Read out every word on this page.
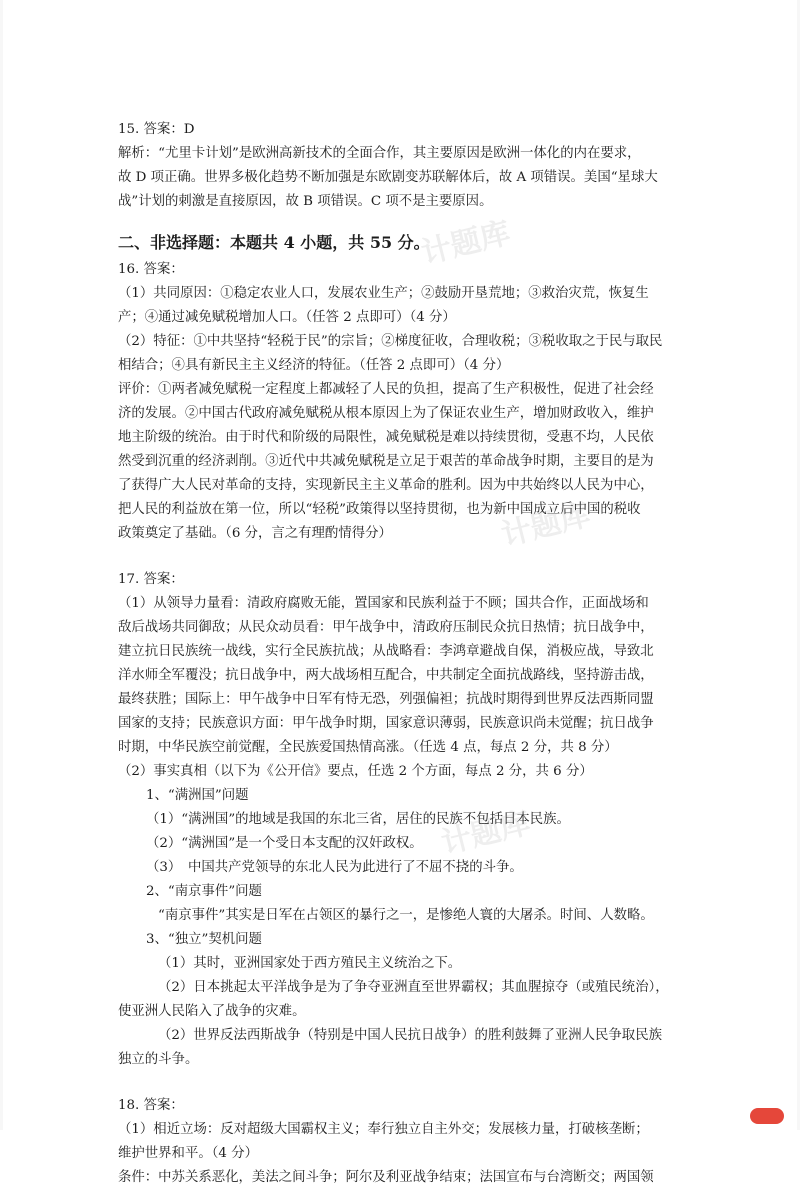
15. 答案：D

解析：“尤里卡计划”是欧洲高新技术的全面合作，其主要原因是欧洲一体化的内在要求，

故 D 项正确。世界多极化趋势不断加强是东欧剧变苏联解体后，故 A 项错误。美国“星球大

战”计划的刺激是直接原因，故 B 项错误。C 项不是主要原因。

二、非选择题：本题共 4 小题，共 55 分。

16. 答案：

（1）共同原因：①稳定农业人口，发展农业生产；②鼓励开垦荒地；③救治灾荒，恢复生

产；④通过减免赋税增加人口。（任答 2 点即可）（4 分）

（2）特征：①中共坚持“轻税于民”的宗旨；②梯度征收，合理收税；③税收取之于民与取民

相结合；④具有新民主主义经济的特征。（任答 2 点即可）（4 分）

评价：①两者减免赋税一定程度上都减轻了人民的负担，提高了生产积极性，促进了社会经

济的发展。②中国古代政府减免赋税从根本原因上为了保证农业生产，增加财政收入，维护

地主阶级的统治。由于时代和阶级的局限性，减免赋税是难以持续贯彻，受惠不均，人民依

然受到沉重的经济剥削。③近代中共减免赋税是立足于艰苦的革命战争时期，主要目的是为

了获得广大人民对革命的支持，实现新民主主义革命的胜利。因为中共始终以人民为中心，

把人民的利益放在第一位，所以“轻税”政策得以坚持贯彻，也为新中国成立后中国的税收

政策奠定了基础。（6 分，言之有理酌情得分）

17. 答案：

（1）从领导力量看：清政府腐败无能，置国家和民族利益于不顾；国共合作，正面战场和

敌后战场共同御敌；从民众动员看：甲午战争中，清政府压制民众抗日热情；抗日战争中，

建立抗日民族统一战线，实行全民族抗战；从战略看：李鸿章避战自保，消极应战，导致北

洋水师全军覆没；抗日战争中，两大战场相互配合，中共制定全面抗战路线，坚持游击战，

最终获胜；国际上：甲午战争中日军有恃无恐，列强偏袒；抗战时期得到世界反法西斯同盟

国家的支持；民族意识方面：甲午战争时期，国家意识薄弱，民族意识尚未觉醒；抗日战争

时期，中华民族空前觉醒，全民族爱国热情高涨。（任选 4 点，每点 2 分，共 8 分）

（2）事实真相（以下为《公开信》要点，任选 2 个方面，每点 2 分，共 6 分）

1、“满洲国”问题

（1）“满洲国”的地域是我国的东北三省，居住的民族不包括日本民族。

（2）“满洲国”是一个受日本支配的汉奸政权。

（3）　中国共产党领导的东北人民为此进行了不屈不挠的斗争。

2、“南京事件”问题

“南京事件”其实是日军在占领区的暴行之一，是惨绝人寰的大屠杀。时间、人数略。

3、“独立”契机问题

（1）其时，亚洲国家处于西方殖民主义统治之下。

（2）日本挑起太平洋战争是为了争夺亚洲直至世界霸权；其血腥掠夺（或殖民统治），

使亚洲人民陷入了战争的灾难。

（2）世界反法西斯战争（特别是中国人民抗日战争）的胜利鼓舞了亚洲人民争取民族

独立的斗争。

18. 答案：

（1）相近立场：反对超级大国霸权主义；奉行独立自主外交；发展核力量，打破核垄断；

维护世界和平。（4 分）

条件：中苏关系恶化，美法之间斗争；阿尔及利亚战争结束；法国宣布与台湾断交；两国领

计题库
计题库
计题库
